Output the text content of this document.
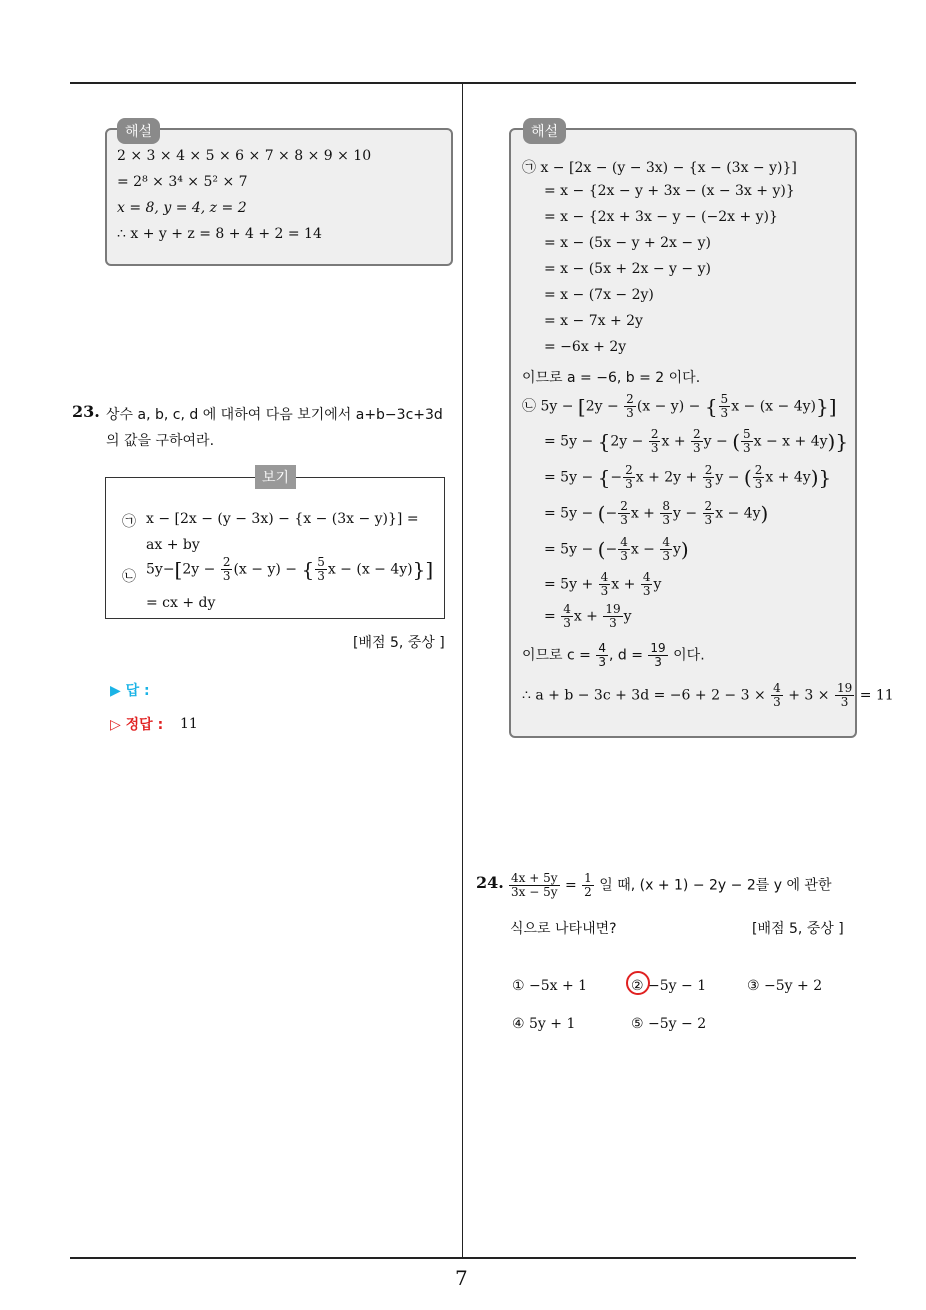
7
해설
2 × 3 × 4 × 5 × 6 × 7 × 8 × 9 × 10
= 2⁸ × 3⁴ × 5² × 7
x = 8, y = 4, z = 2
∴ x + y + z = 8 + 4 + 2 = 14
23. 상수 a, b, c, d 에 대하여 다음 보기에서 a+b−3c+3d
의 값을 구하여라.
보기
㉠ x − [2x − (y − 3x) − {x − (3x − y)}] =
ax + by
㉡ $5y-[2y - \frac{2}{3} (x - y)$ − { $\frac{5}{3}$ x − (x − 4y)}]
= cx + dy
[배점 5, 중상 ]
▶ 답 :
▷ 정답 : 11
해설
㉠ x − [2x − (y − 3x) − {x − (3x − y)}]
= x − {2x − y + 3x − (x − 3x + y)}
= x − {2x + 3x − y − (−2x + y)}
= x − (5x − y + 2x − y)
= x − (5x + 2x − y − y)
= x − (7x − 2y)
= x − 7x + 2y
= −6x + 2y
이므로 a = −6, b = 2 이다.
㉡ $5y - [2y - \frac{2}{3} (x - y)$ − { $\frac{5}{3}$ x − (x − 4y)}]
= $5y - \{2y - \frac{2}{3}$ $x + \frac{2}{3}$ y − ( $\frac{5}{3}$ x − x + 4y)}
= 5y − {− $\frac{2}{3}$ $x + 2y + \frac{2}{3}$ y − ( $\frac{2}{3}$ x + 4y)}
= 5y − (− $\frac{2}{3}$ $x + \frac{8}{3}$ $y - \frac{2}{3}$ x − 4y)
= 5y − (− $\frac{4}{3}$ $x - \frac{4}{3} y$)
= $5y + \frac{4}{3}$ $x + \frac{4}{3}$ y
= $\frac{4}{3}$ $x + \frac{19}{3}$ y
이므로 $c = \frac{4}{3}$ , $d = \frac{19}{3}$ 이다.
∴ $a + b - 3c + 3d = -6 + 2 - 3 \times \frac{4}{3} + 3 \times \frac{19}{3} = 11$
24. $\frac{4x + 5y}{3x - 5y} = \frac{1}{2}$ 일 때, (x + 1) − 2y − 2를 y 에 관한
식으로 나타내면?	[배점 5, 중상 ]
① −5x + 1	② −5y − 1	③ −5y + 2
④ 5y + 1	⑤ −5y − 2
